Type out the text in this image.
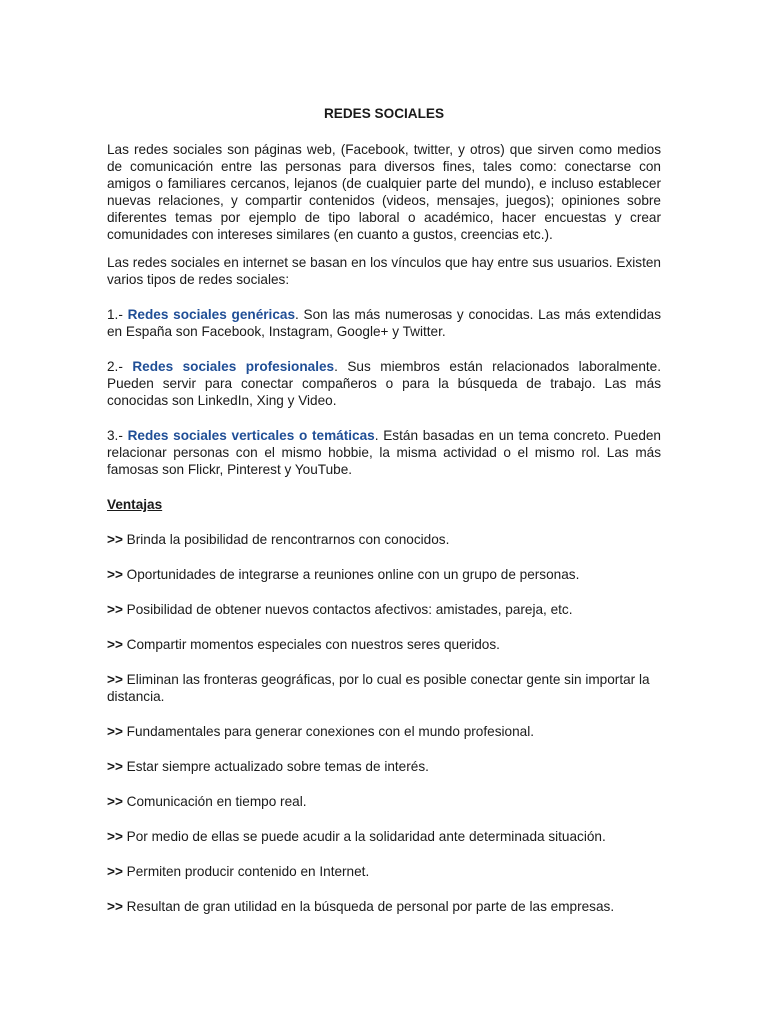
REDES SOCIALES

Las redes sociales son páginas web, (Facebook, twitter, y otros) que sirven como medios de comunicación entre las personas para diversos fines, tales como: conectarse con amigos o familiares cercanos, lejanos (de cualquier parte del mundo), e incluso establecer nuevas relaciones, y compartir contenidos (videos, mensajes, juegos); opiniones sobre diferentes temas por ejemplo de tipo laboral o académico, hacer encuestas y crear comunidades con intereses similares (en cuanto a gustos, creencias etc.).

Las redes sociales en internet se basan en los vínculos que hay entre sus usuarios. Existen varios tipos de redes sociales:

1.- Redes sociales genéricas. Son las más numerosas y conocidas. Las más extendidas en España son Facebook, Instagram, Google+ y Twitter.

2.- Redes sociales profesionales. Sus miembros están relacionados laboralmente. Pueden servir para conectar compañeros o para la búsqueda de trabajo. Las más conocidas son LinkedIn, Xing y Video.

3.- Redes sociales verticales o temáticas. Están basadas en un tema concreto. Pueden relacionar personas con el mismo hobbie, la misma actividad o el mismo rol. Las más famosas son Flickr, Pinterest y YouTube.

Ventajas

>> Brinda la posibilidad de rencontrarnos con conocidos.

>> Oportunidades de integrarse a reuniones online con un grupo de personas.

>> Posibilidad de obtener nuevos contactos afectivos: amistades, pareja, etc.

>> Compartir momentos especiales con nuestros seres queridos.

>> Eliminan las fronteras geográficas, por lo cual es posible conectar gente sin importar la distancia.

>> Fundamentales para generar conexiones con el mundo profesional.

>> Estar siempre actualizado sobre temas de interés.

>> Comunicación en tiempo real.

>> Por medio de ellas se puede acudir a la solidaridad ante determinada situación.

>> Permiten producir contenido en Internet.

>> Resultan de gran utilidad en la búsqueda de personal por parte de las empresas.
